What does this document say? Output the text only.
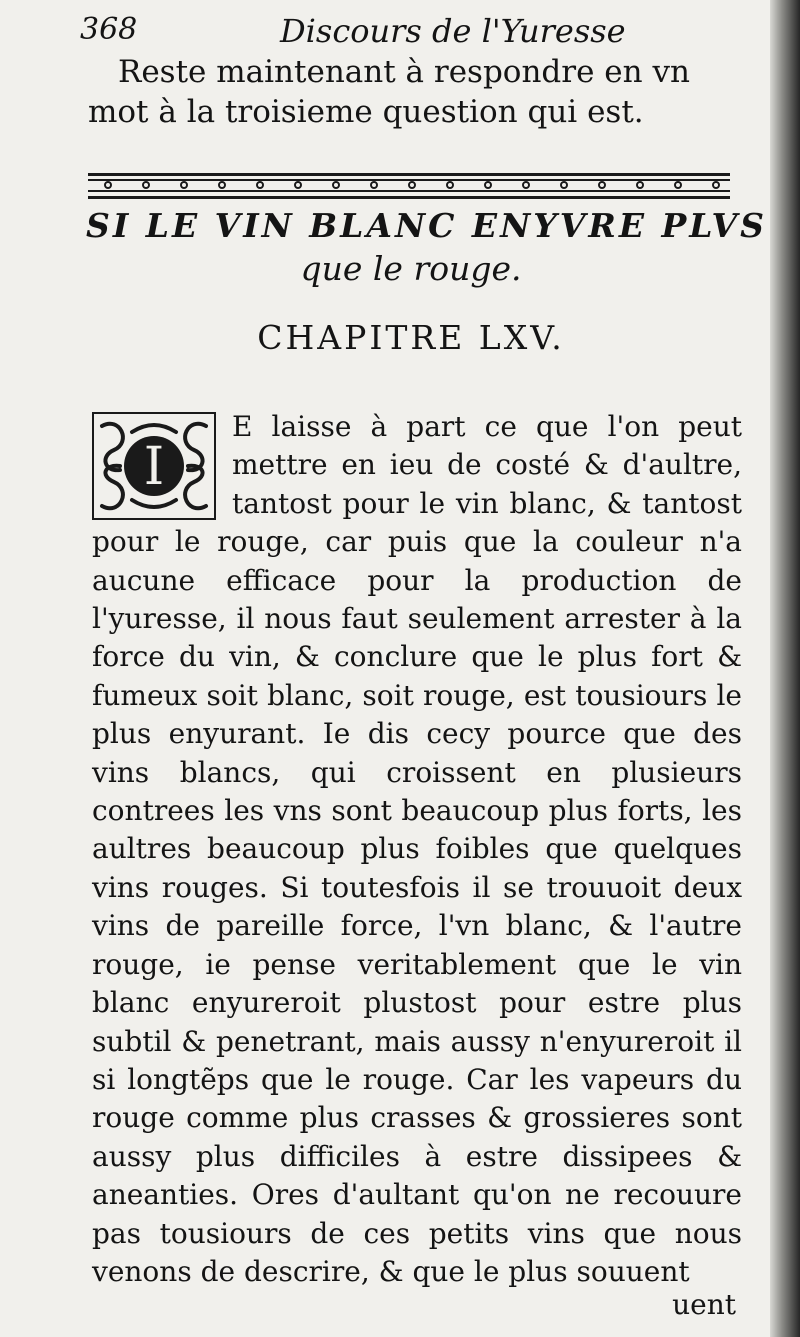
368	Discours de l'Yuresse

Reste maintenant à respondre en vn mot à la troisieme question qui est.

SI LE VIN BLANC ENYVRE PLVS
que le rouge.
CHAPITRE LXV.
I

E laisse à part ce que l'on peut mettre en ieu de costé & d'aultre, tantost pour le vin blanc, & tantost pour le rouge, car puis que la couleur n'a aucune efficace pour la production de l'yuresse, il nous faut seulement arrester à la force du vin, & conclure que le plus fort & fumeux soit blanc, soit rouge, est tousiours le plus enyurant. Ie dis cecy pource que des vins blancs, qui croissent en plusieurs contrees les vns sont beaucoup plus forts, les aultres beaucoup plus foibles que quelques vins rouges. Si toutesfois il se trouuoit deux vins de pareille force, l'vn blanc, & l'autre rouge, ie pense veritablement que le vin blanc enyureroit plustost pour estre plus subtil & penetrant, mais aussy n'enyureroit il si longtẽps que le rouge. Car les vapeurs du rouge comme plus crasses & grossieres sont aussy plus difficiles à estre dissipees & aneanties. Ores d'aultant qu'on ne recouure pas tousiours de ces petits vins que nous venons de descrire, & que le plus souuent

uent
